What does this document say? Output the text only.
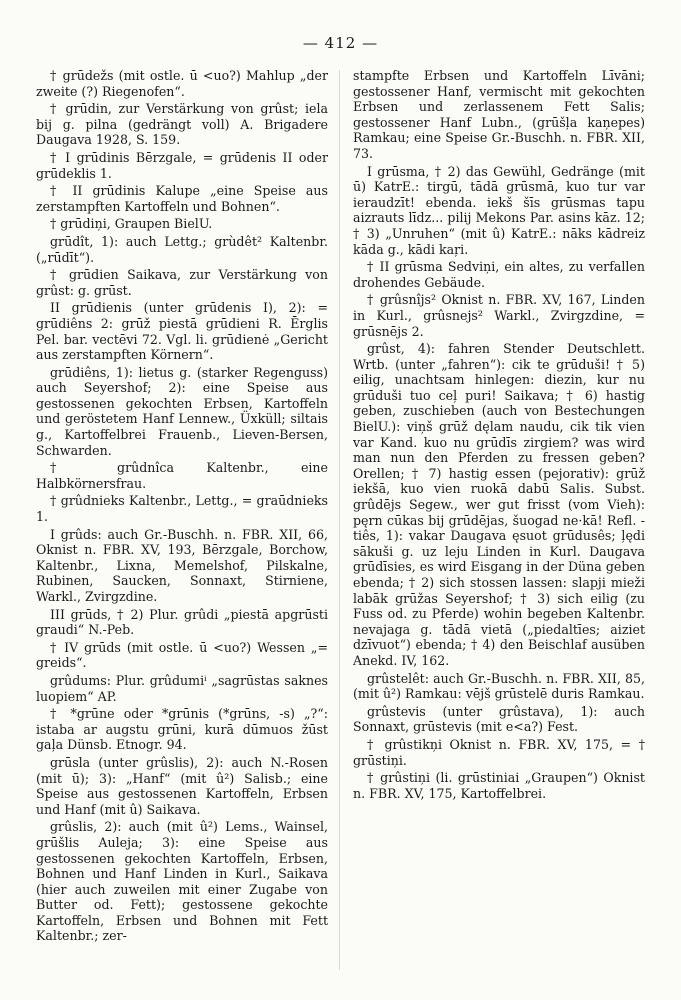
— 412 —

† grūdežs (mit ostle. ū <uo?) Mahlup „der zweite (?) Riegenofen“.

† grūdin, zur Verstärkung von grûst; iela bij g. pilna (gedrängt voll) A. Brigadere Daugava 1928, S. 159.

† I grūdinis Bērzgale, = grūdenis II oder grūdeklis 1.

† II grūdinis Kalupe „eine Speise aus zerstampften Kartoffeln und Bohnen“.

† grūdiņi, Graupen BielU.

grūdît, 1): auch Lettg.; grùdêt² Kaltenbr. („rūdīt“).

† grūdien Saikava, zur Verstärkung von grûst: g. grūst.

II grūdienis (unter grūdenis I), 2): = grūdiêns 2: grūž piestā grūdieni R. Ērglis Pel. bar. vectēvi 72. Vgl. li. grūdienė „Gericht aus zerstampften Körnern“.

grūdiêns, 1): lietus g. (starker Regenguss) auch Seyershof; 2): eine Speise aus gestossenen gekochten Erbsen, Kartoffeln und geröstetem Hanf Lennew., Üxküll; siltais g., Kartoffelbrei Frauenb., Lieven-Bersen, Schwarden.

† grûdnîca Kaltenbr., eine Halbkörnersfrau.

† grûdnieks Kaltenbr., Lettg., = graūdnieks 1.

I grûds: auch Gr.-Buschh. n. FBR. XII, 66, Oknist n. FBR. XV, 193, Bērzgale, Borchow, Kaltenbr., Lixna, Memelshof, Pilskalne, Rubinen, Saucken, Sonnaxt, Stirniene, Warkl., Zvirgzdine.

III grūds, † 2) Plur. grûdi „piestā apgrūsti graudi“ N.-Peb.

† IV grūds (mit ostle. ū <uo?) Wessen „= greids“.

grûdums: Plur. grûdumiⁱ „sagrūstas saknes luopiem“ AP.

† *grūne oder *grūnis (*grūns, -s) „?“: istaba ar augstu grūni, kurā dūmuos žūst gaļa Dünsb. Etnogr. 94.

grūsla (unter grûslis), 2): auch N.-Rosen (mit ū); 3): „Hanf“ (mit û²) Salisb.; eine Speise aus gestossenen Kartoffeln, Erbsen und Hanf (mit û) Saikava.

grûslis, 2): auch (mit û²) Lems., Wainsel, grūšlis Auleja; 3): eine Speise aus gestossenen gekochten Kartoffeln, Erbsen, Bohnen und Hanf Linden in Kurl., Saikava (hier auch zuweilen mit einer Zugabe von Butter od. Fett); gestossene gekochte Kartoffeln, Erbsen und Bohnen mit Fett Kaltenbr.; zer-

stampfte Erbsen und Kartoffeln Līvāni; gestossener Hanf, vermischt mit gekochten Erbsen und zerlassenem Fett Salis; gestossener Hanf Lubn., (grūšļa kaņepes) Ramkau; eine Speise Gr.-Buschh. n. FBR. XII, 73.

I grūsma, † 2) das Gewühl, Gedränge (mit ū) KatrE.: tirgū, tādā grūsmā, kuo tur var ieraudzīt! ebenda. iekš šīs grūsmas tapu aizrauts līdz... pilij Mekons Par. asins kāz. 12; † 3) „Unruhen“ (mit û) KatrE.: nāks kādreiz kāda g., kādi kaŗi.

† II grūsma Sedviņi, ein altes, zu verfallen drohendes Gebäude.

† grûsnîjs² Oknist n. FBR. XV, 167, Linden in Kurl., grûsnejs² Warkl., Zvirgzdine, = grūsnējs 2.

grûst, 4): fahren Stender Deutschlett. Wrtb. (unter „fahren“): cik te grūduši! † 5) eilig, unachtsam hinlegen: diezin, kur nu grūduši tuo ceļ puri! Saikava; † 6) hastig geben, zuschieben (auch von Bestechungen BielU.): viņš grūž dęlam naudu, cik tik vien var Kand. kuo nu grūdīs zirgiem? was wird man nun den Pferden zu fressen geben? Orellen; † 7) hastig essen (pejorativ): grūž iekšā, kuo vien ruokā dabū Salis. Subst. grûdējs Segew., wer gut frisst (vom Vieh): pęrn cūkas bij grūdējas, šuogad ne·kā! Refl. -tiês, 1): vakar Daugava ęsuot grūdusês; ļędi sākuši g. uz leju Linden in Kurl. Daugava grūdīsies, es wird Eisgang in der Düna geben ebenda; † 2) sich stossen lassen: slapji mieži labāk grūžas Seyershof; † 3) sich eilig (zu Fuss od. zu Pferde) wohin begeben Kaltenbr. nevajaga g. tādā vietā („piedaltīes; aiziet dzīvuot“) ebenda; † 4) den Beischlaf ausüben Anekd. IV, 162.

grûstelêt: auch Gr.-Buschh. n. FBR. XII, 85, (mit û²) Ramkau: vējš grūstelē duris Ramkau.

grûstevis (unter grûstava), 1): auch Sonnaxt, grūstevis (mit e<a?) Fest.

† grûstikņi Oknist n. FBR. XV, 175, = † grūstiņi.

† grûstiņi (li. grūstiniai „Graupen“) Oknist n. FBR. XV, 175, Kartoffelbrei.
